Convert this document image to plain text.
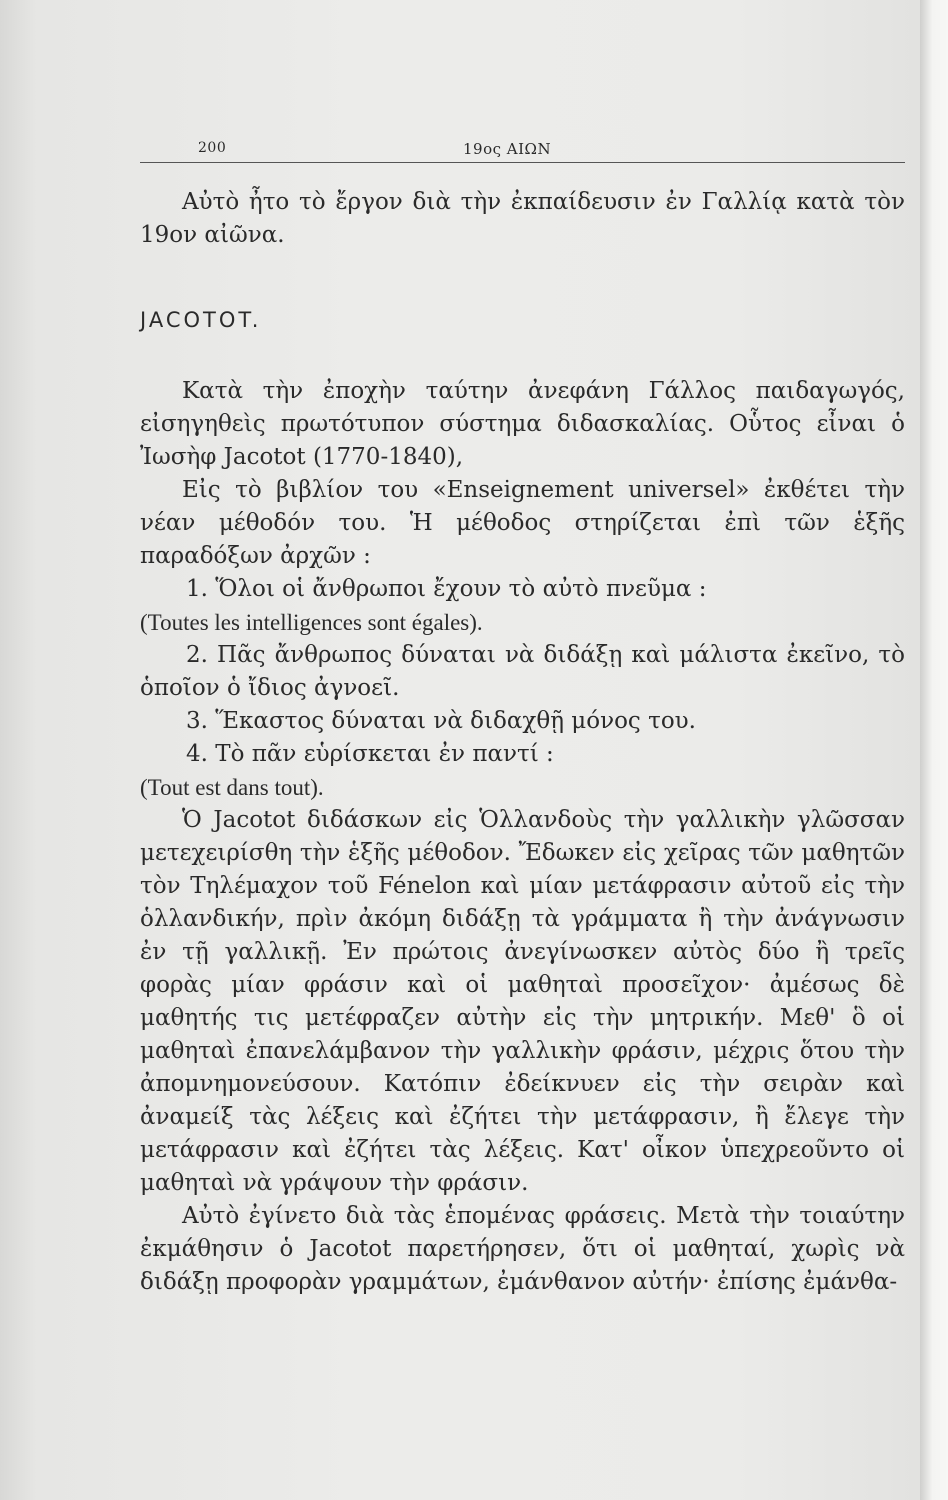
200	19ος ΑΙΩΝ

Αὐτὸ ἦτο τὸ ἔργον διὰ τὴν ἐκπαίδευσιν ἐν Γαλλίᾳ κατὰ τὸν 19ον αἰῶνα.

JACOTOT.

Κατὰ τὴν ἐποχὴν ταύτην ἀνεφάνη Γάλλος παιδαγωγός, εἰσηγηθεὶς πρωτότυπον σύστημα διδασκαλίας. Οὗτος εἶναι ὁ Ἰωσὴφ Jacotot (1770-1840),

Εἰς τὸ βιβλίον του «Enseignement universel» ἐκθέτει τὴν νέαν μέθοδόν του. Ἡ μέθοδος στηρίζεται ἐπὶ τῶν ἑξῆς παραδόξων ἀρχῶν :

1. Ὅλοι οἱ ἄνθρωποι ἔχουν τὸ αὐτὸ πνεῦμα :

(Toutes les intelligences sont égales).

2. Πᾶς ἄνθρωπος δύναται νὰ διδάξῃ καὶ μάλιστα ἐκεῖνο, τὸ ὁποῖον ὁ ἴδιος ἀγνοεῖ.

3. Ἕκαστος δύναται νὰ διδαχθῇ μόνος του.

4. Τὸ πᾶν εὑρίσκεται ἐν παντί :

(Tout est dans tout).

Ὁ Jacotot διδάσκων εἰς Ὁλλανδοὺς τὴν γαλλικὴν γλῶσσαν μετεχειρίσθη τὴν ἑξῆς μέθοδον. Ἔδωκεν εἰς χεῖρας τῶν μαθητῶν τὸν Τηλέμαχον τοῦ Fénelon καὶ μίαν μετάφρασιν αὐτοῦ εἰς τὴν ὁλλανδικήν, πρὶν ἀκόμη διδάξῃ τὰ γράμματα ἢ τὴν ἀνάγνωσιν ἐν τῇ γαλλικῇ. Ἐν πρώτοις ἀνεγίνωσκεν αὐτὸς δύο ἢ τρεῖς φορὰς μίαν φράσιν καὶ οἱ μαθηταὶ προσεῖχον· ἀμέσως δὲ μαθητής τις μετέφραζεν αὐτὴν εἰς τὴν μητρικήν. Μεθ' ὃ οἱ μαθηταὶ ἐπανελάμβανον τὴν γαλλικὴν φράσιν, μέχρις ὅτου τὴν ἀπομνημονεύσουν. Κατόπιν ἐδείκνυεν εἰς τὴν σειρὰν καὶ ἀναμείξ τὰς λέξεις καὶ ἐζήτει τὴν μετάφρασιν, ἢ ἔλεγε τὴν μετάφρασιν καὶ ἐζήτει τὰς λέξεις. Κατ' οἶκον ὑπεχρεοῦντο οἱ μαθηταὶ νὰ γράψουν τὴν φράσιν.

Αὐτὸ ἐγίνετο διὰ τὰς ἑπομένας φράσεις. Μετὰ τὴν τοιαύτην ἐκμάθησιν ὁ Jacotot παρετήρησεν, ὅτι οἱ μαθηταί, χωρὶς νὰ διδάξῃ προφορὰν γραμμάτων, ἐμάνθανον αὐτήν· ἐπίσης ἐμάνθα-
